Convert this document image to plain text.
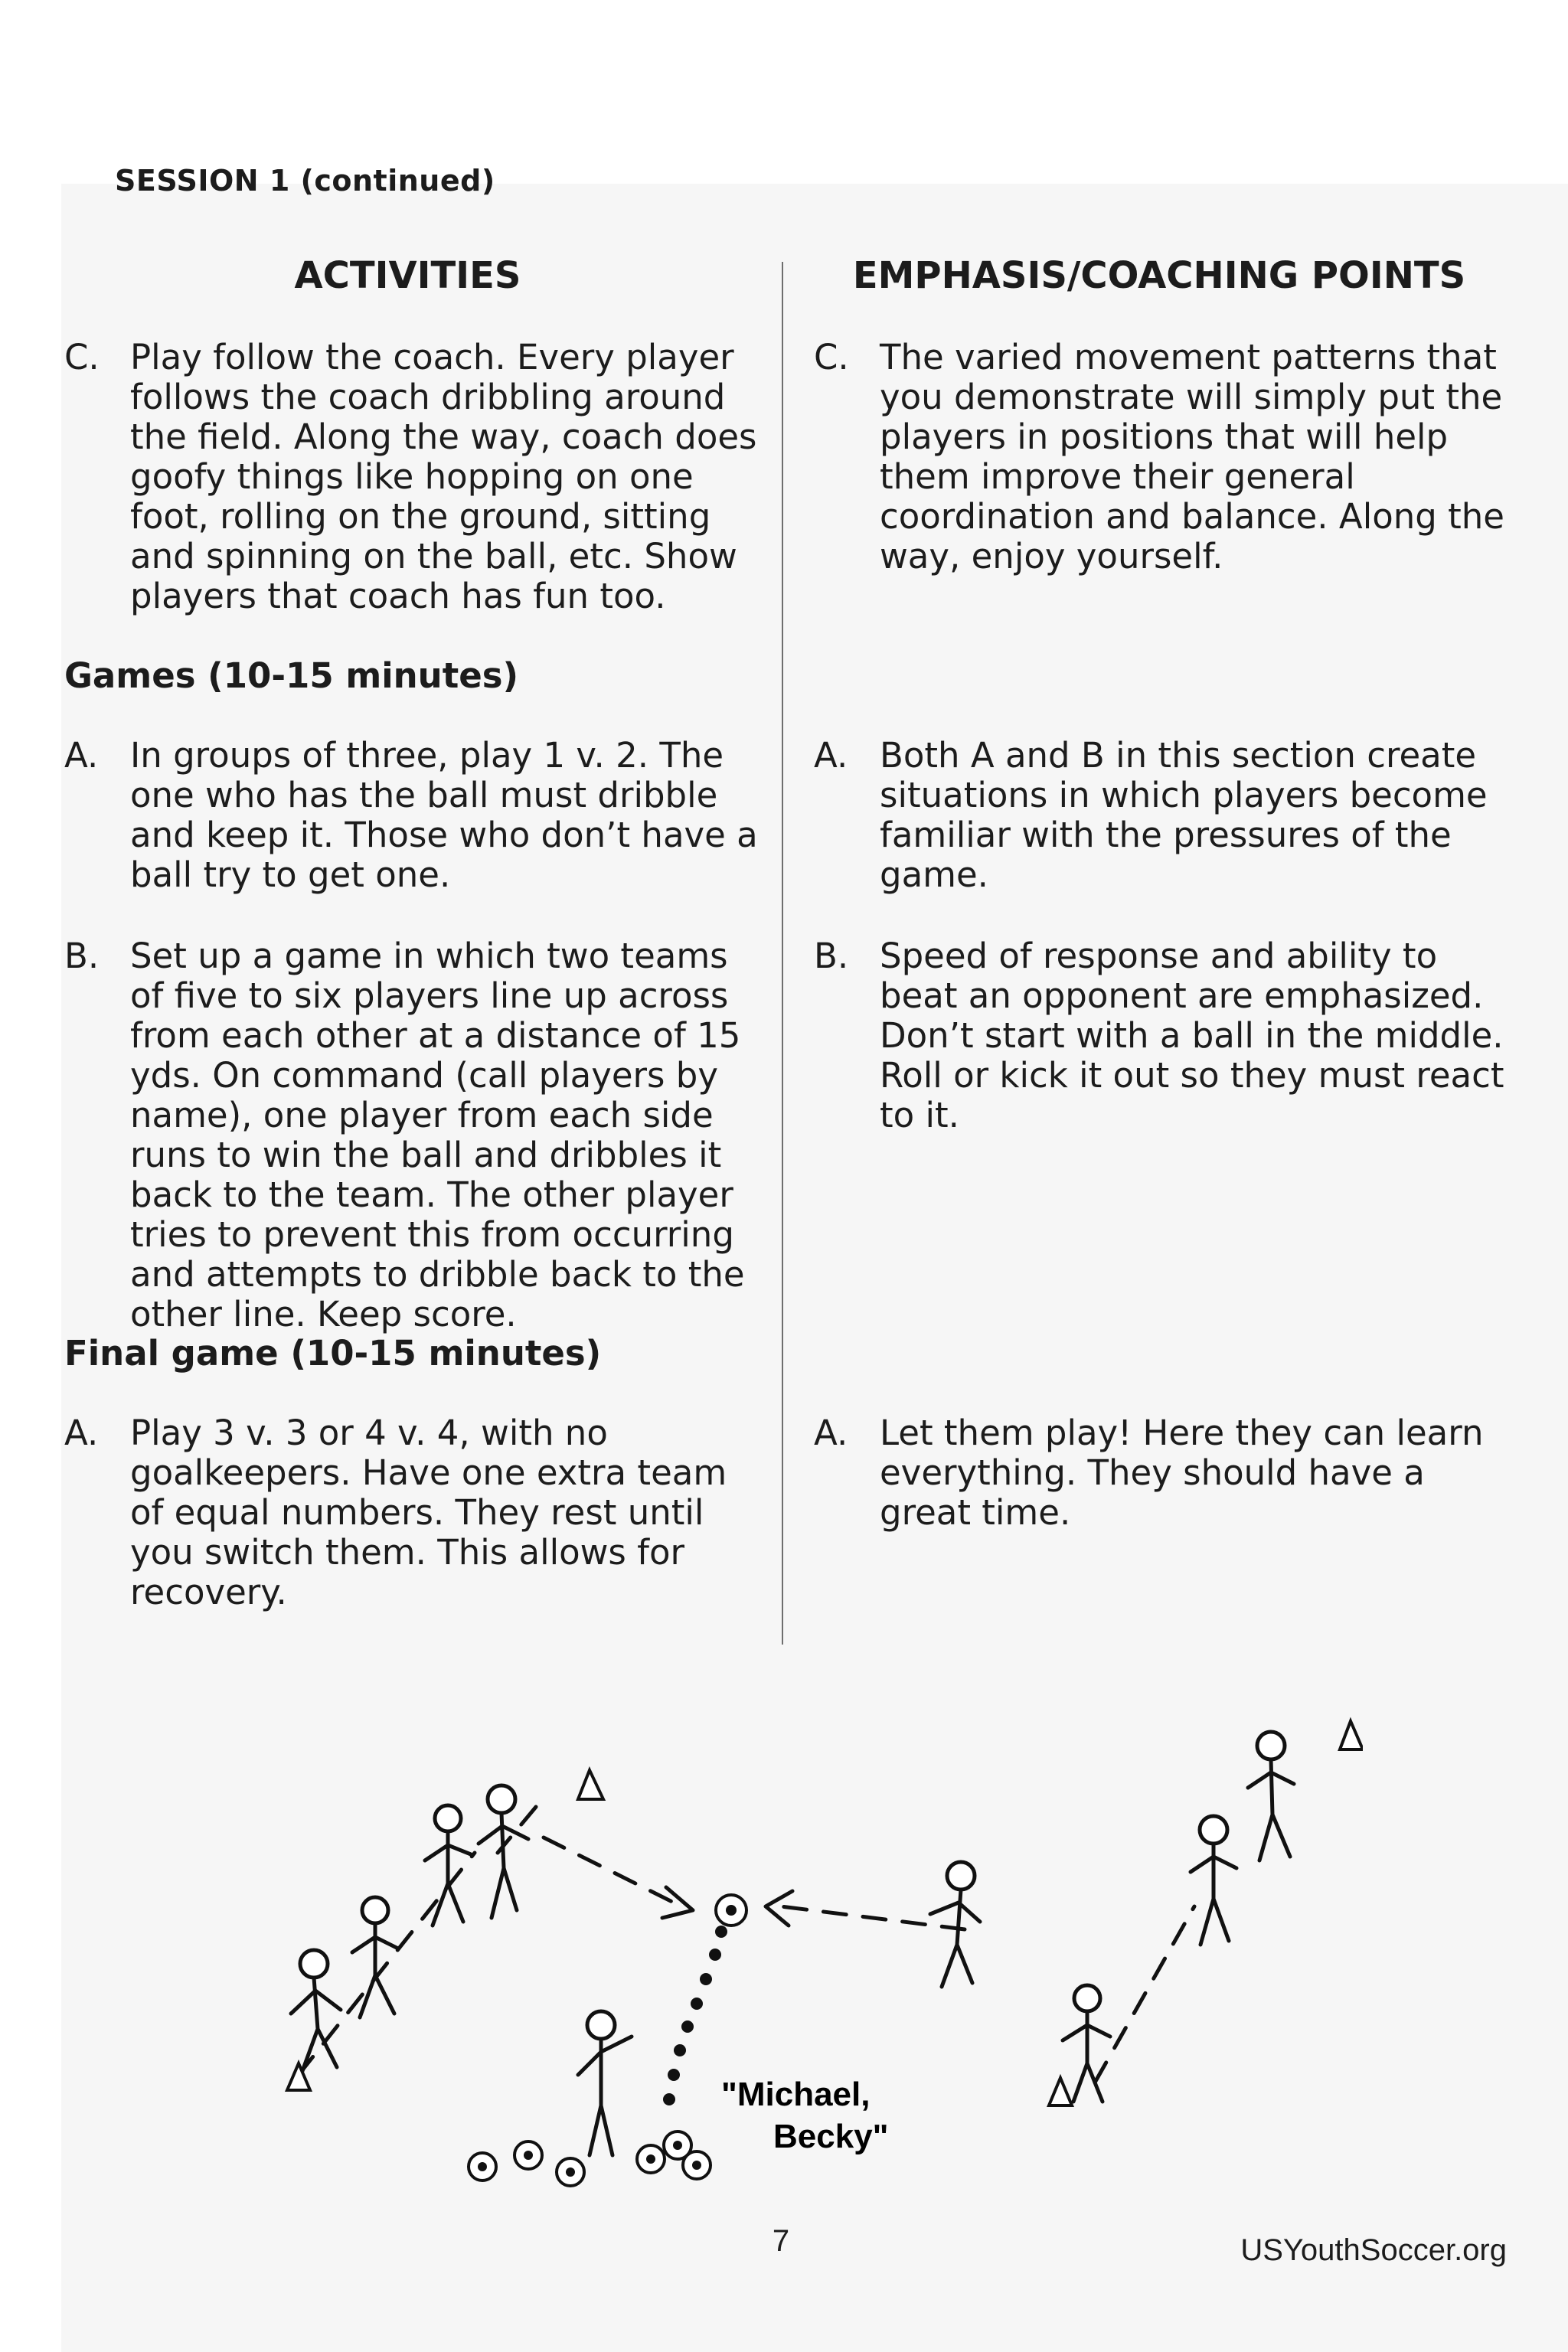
SESSION 1 (continued)
ACTIVITIES	EMPHASIS/COACHING POINTS
C. Play follow the coach. Every player follows the coach dribbling around the field. Along the way, coach does goofy things like hopping on one foot, rolling on the ground, sitting and spinning on the ball, etc. Show players that coach has fun too.
C. The varied movement patterns that you demonstrate will simply put the players in positions that will help them improve their general coordination and balance. Along the way, enjoy yourself.
Games (10-15 minutes)
A. In groups of three, play 1 v. 2. The one who has the ball must dribble and keep it. Those who don’t have a ball try to get one.
A. Both A and B in this section create situations in which players become familiar with the pressures of the game.
B. Set up a game in which two teams of five to six players line up across from each other at a distance of 15 yds. On command (call players by name), one player from each side runs to win the ball and dribbles it back to the team. The other player tries to prevent this from occurring and attempts to dribble back to the other line. Keep score.
B. Speed of response and ability to beat an opponent are emphasized. Don’t start with a ball in the middle. Roll or kick it out so they must react to it.
Final game (10-15 minutes)
A. Play 3 v. 3 or 4 v. 4, with no goalkeepers. Have one extra team of equal numbers. They rest until you switch them. This allows for recovery.
A. Let them play! Here they can learn everything. They should have a great time.
"Michael,
Becky"
7	USYouthSoccer.org
